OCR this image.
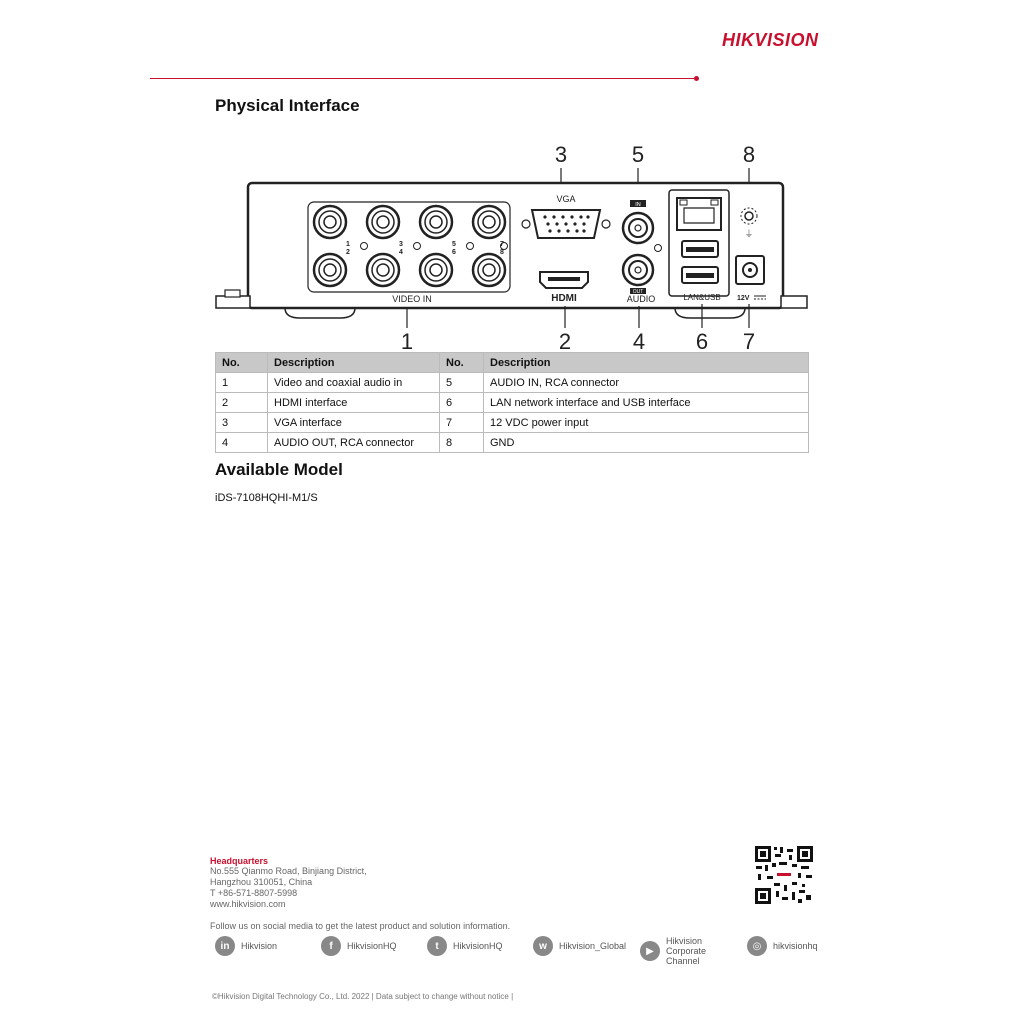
HIKVISION
Physical Interface
3	5	8
1
2
3
4
5
6
7
8
VIDEO IN
VGA
HDMI
IN
OUT
AUDIO	LAN&USB
⏚
12V
1	2	4 6 7
No.	Description	No.	Description
1	Video and coaxial audio in	5	AUDIO IN, RCA connector
2	HDMI interface	6	LAN network interface and USB interface
3	VGA interface	7	12 VDC power input
4	AUDIO OUT, RCA connector	8	GND
Available Model
iDS-7108HQHI-M1/S
Headquarters
No.555 Qianmo Road, Binjiang District,
Hangzhou 310051, China
T +86-571-8807-5998
www.hikvision.com
Follow us on social media to get the latest product and solution information.
in	Hikvision	f	HikvisionHQ	t	HikvisionHQ	w	Hikvision_Global	▶
Hikvision Corporate Channel
◎	hikvisionhq
©Hikvision Digital Technology Co., Ltd. 2022 | Data subject to change without notice |
